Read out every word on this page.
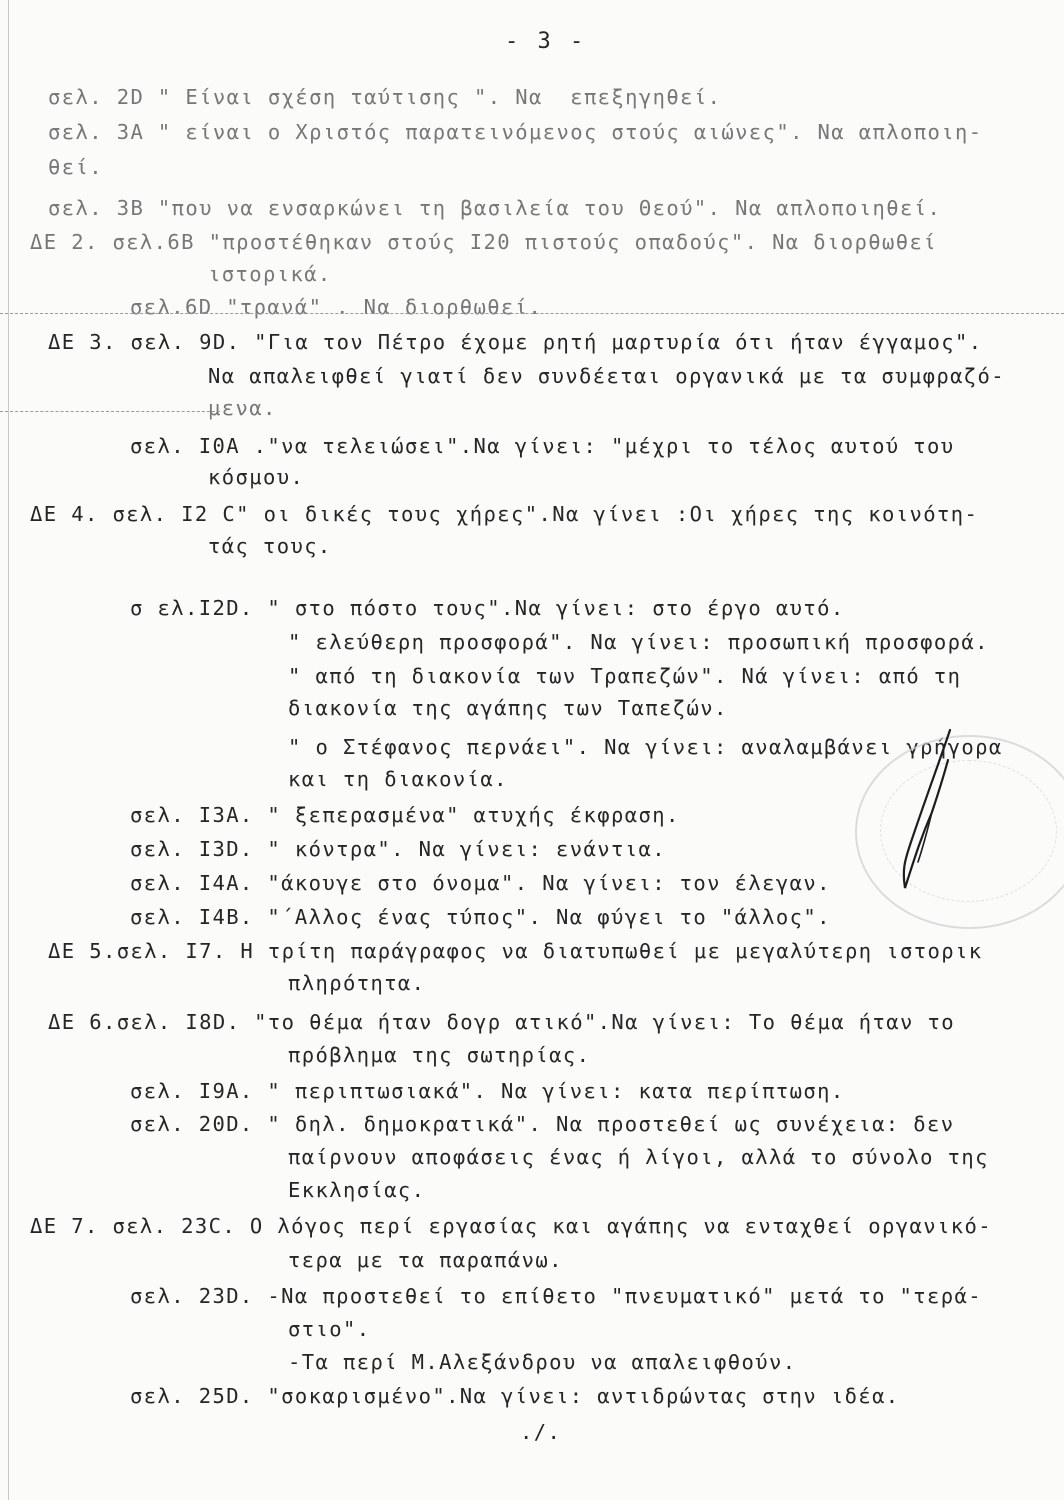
- 3 -
σελ. 2D " Είναι σχέση ταύτισης ". Να  επεξηγηθεί.
σελ. 3Α " είναι ο Χριστός παρατεινόμενος στούς αιώνες". Να απλοποιη-
θεί.
σελ. 3Β "που να ενσαρκώνει τη βασιλεία του Θεού". Να απλοποιηθεί.
ΔΕ 2. σελ.6Β "προστέθηκαν στούς Ι20 πιστούς οπαδούς". Να διορθωθεί
ιστορικά.
σελ.6D "τρανά" . Να διορθωθεί.
ΔΕ 3. σελ. 9D. "Για τον Πέτρο έχομε ρητή μαρτυρία ότι ήταν έγγαμος".
Να απαλειφθεί γιατί δεν συνδέεται οργανικά με τα συμφραζό-
μενα.
σελ. Ι0Α ."να τελειώσει".Να γίνει: "μέχρι το τέλος αυτού του
κόσμου.
ΔΕ 4. σελ. Ι2 C" οι δικές τους χήρες".Να γίνει :Οι χήρες της κοινότη-
τάς τους.
σ ελ.Ι2D. " στο πόστο τους".Να γίνει: στο έργο αυτό.
" ελεύθερη προσφορά". Να γίνει: προσωπική προσφορά.
" από τη διακονία των Τραπεζών". Νά γίνει: από τη
διακονία της αγάπης των Ταπεζών.
" ο Στέφανος περνάει". Να γίνει: αναλαμβάνει γρήγορα
και τη διακονία.
σελ. Ι3Α. " ξεπερασμένα" ατυχής έκφραση.
σελ. Ι3D. " κόντρα". Να γίνει: ενάντια.
σελ. Ι4Α. "άκουγε στο όνομα". Να γίνει: τον έλεγαν.
σελ. Ι4Β. "΄Αλλος ένας τύπος". Να φύγει το "άλλος".
ΔΕ 5.σελ. Ι7. Η τρίτη παράγραφος να διατυπωθεί με μεγαλύτερη ιστορικ
πληρότητα.
ΔΕ 6.σελ. Ι8D. "το θέμα ήταν δογρ ατικό".Να γίνει: Το θέμα ήταν το
πρόβλημα της σωτηρίας.
σελ. Ι9Α. " περιπτωσιακά". Να γίνει: κατα περίπτωση.
σελ. 20D. " δηλ. δημοκρατικά". Να προστεθεί ως συνέχεια: δεν
παίρνουν αποφάσεις ένας ή λίγοι, αλλά το σύνολο της
Εκκλησίας.
ΔΕ 7. σελ. 23C. Ο λόγος περί εργασίας και αγάπης να ενταχθεί οργανικό-
τερα με τα παραπάνω.
σελ. 23D. -Να προστεθεί το επίθετο "πνευματικό" μετά το "τερά-
στιο".
-Τα περί Μ.Αλεξάνδρου να απαλειφθούν.
σελ. 25D. "σοκαρισμένο".Να γίνει: αντιδρώντας στην ιδέα.
./.
